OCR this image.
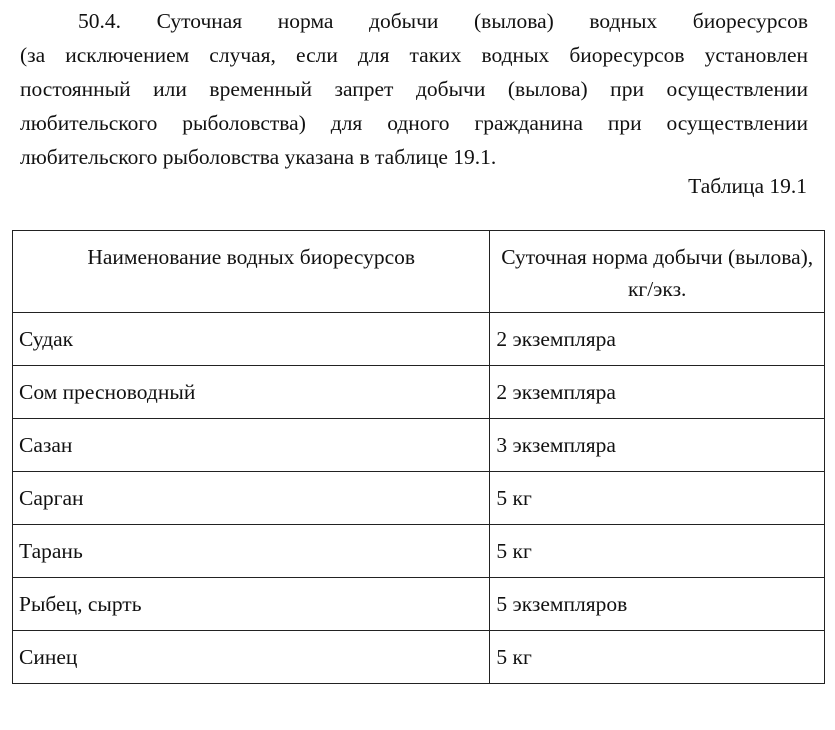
50.4. Суточная норма добычи (вылова) водных биоресурсов
(за исключением случая, если для таких водных биоресурсов установлен
постоянный или временный запрет добычи (вылова) при осуществлении
любительского рыболовства) для одного гражданина при осуществлении
любительского рыболовства указана в таблице 19.1.

Таблица 19.1
Наименование водных биоресурсов	Суточная норма добычи (вылова), кг/экз.
Судак	2 экземпляра
Сом пресноводный	2 экземпляра
Сазан	3 экземпляра
Сарган	5 кг
Тарань	5 кг
Рыбец, сырть	5 экземпляров
Синец	5 кг
